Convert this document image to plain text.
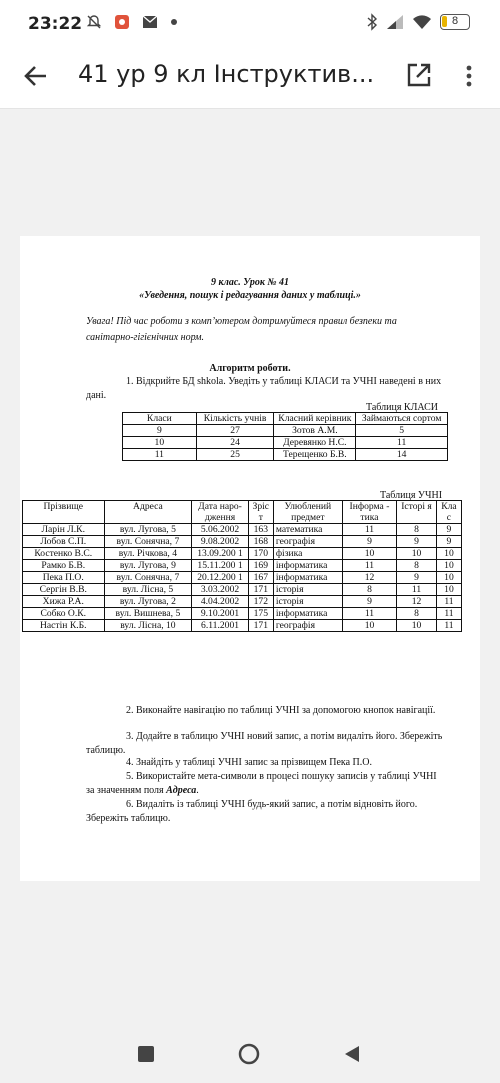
23:22	8
41 ур 9 кл Інструктив...
9 клас. Урок № 41
«Уведення, пошук і редагування даних у таблиці.»
Увага! Під час роботи з комп’ютером дотримуйтеся правил безпеки та санітарно-гігієнічних норм.
Алгоритм роботи.
1. Відкрийте БД shkola. Уведіть у таблиці КЛАСИ та УЧНІ наведені в них дані.
Таблиця КЛАСИ
Класи	Кількість учнів	Класний керівник	Займаються сортом
9	27	Зотов А.М.	5
10	24	Деревянко Н.С.	11
11	25	Терещенко Б.В.	14
Таблиця УЧНІ
Прізвище	Адреса	Дата наро-дження	Зріс т	Улюблений предмет	Інформа - тика	Істоpі я	Кла с
Ларін Л.К.	вул. Лугова, 5	5.06.2002	163	математика	11	8	9
Лобов С.П.	вул. Сонячна, 7	9.08.2002	168	географія	9	9	9
Костенко В.С.	вул. Річкова, 4	13.09.200 1	170	фізика	10	10	10
Рамко Б.В.	вул. Лугова, 9	15.11.200 1	169	інформатика	11	8	10
Пека П.О.	вул. Сонячна, 7	20.12.200 1	167	інформатика	12	9	10
Сергін В.В.	вул. Лісна, 5	3.03.2002	171	історія	8	11	10
Хижа Р.А.	вул. Лугова, 2	4.04.2002	172	історія	9	12	11
Собко О.К.	вул. Вишнева, 5	9.10.2001	175	інформатика	11	8	11
Настін К.Б.	вул. Лісна, 10	6.11.2001	171	географія	10	10	11
2. Виконайте навігацію по таблиці УЧНІ за допомогою кнопок навігації.
3. Додайте в таблицю УЧНІ новий запис, а потім видаліть його. Збережіть таблицю.
4. Знайдіть у таблиці УЧНІ запис за прізвищем Пека П.О.
5. Використайте мета-символи в процесі пошуку записів у таблиці УЧНІ за значенням поля Адреса.
6. Видаліть із таблиці УЧНІ будь-який запис, а потім відновіть його. Збережіть таблицю.
